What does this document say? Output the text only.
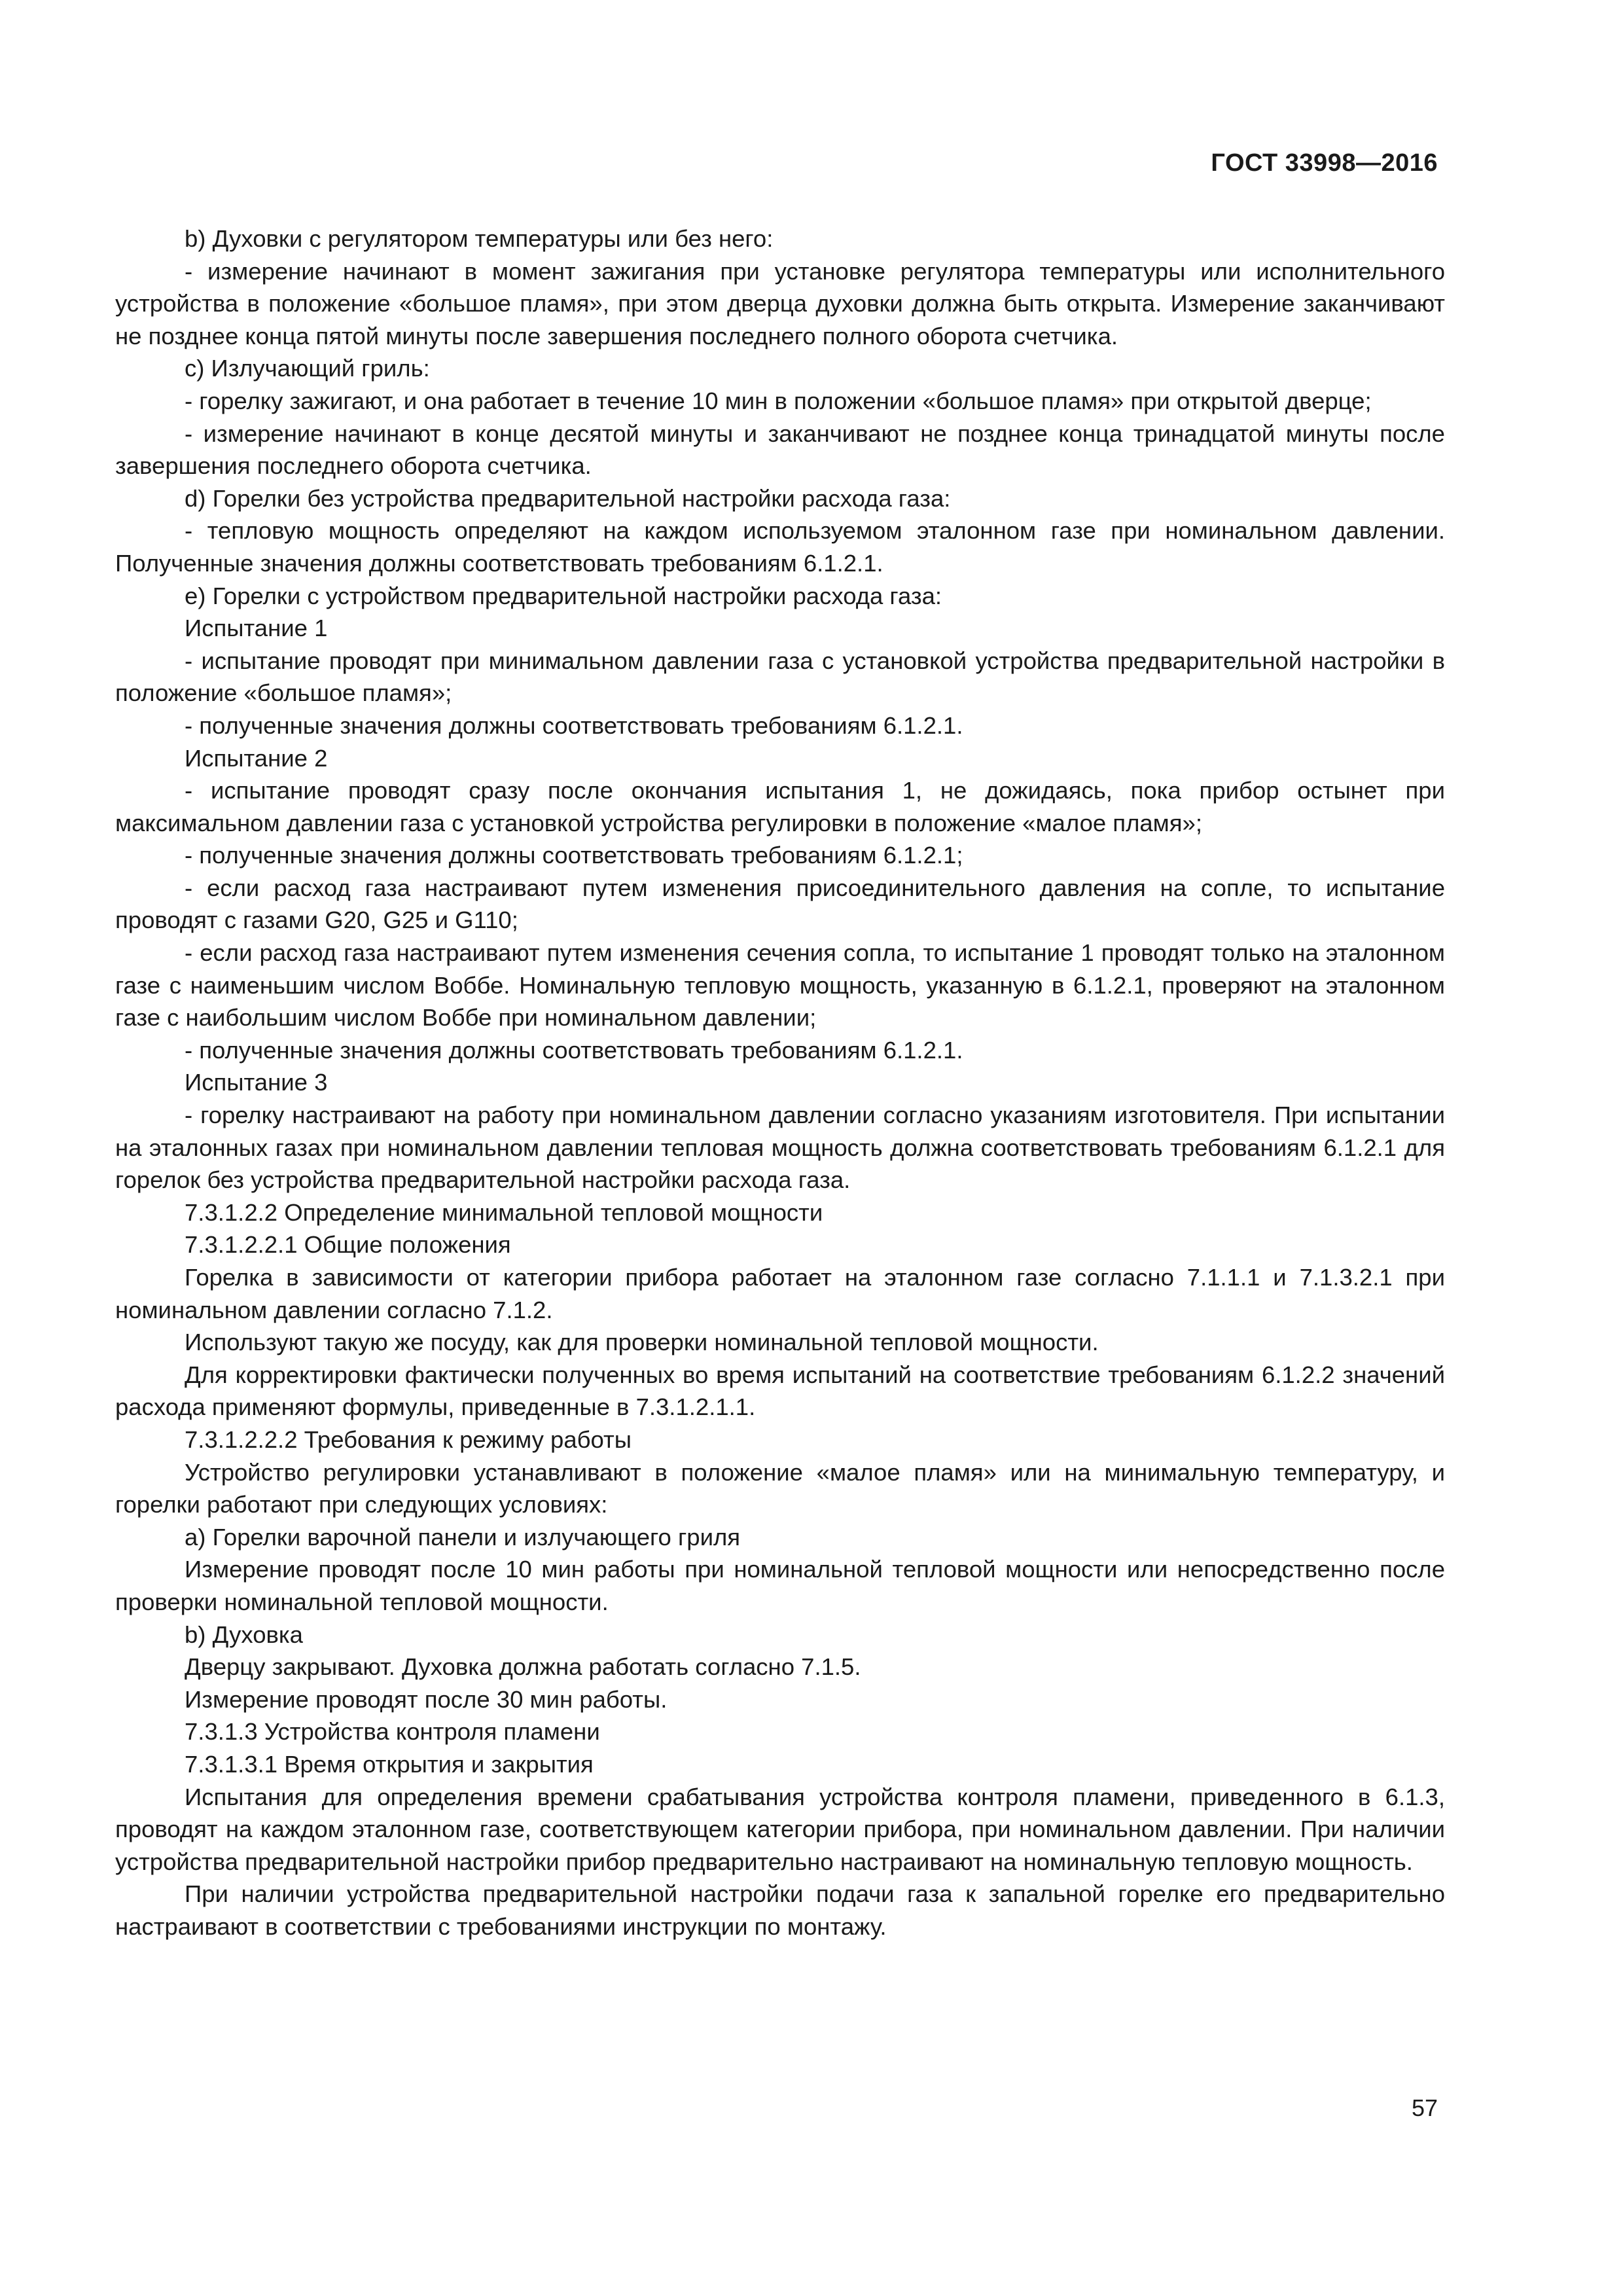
ГОСТ 33998—2016

b) Духовки с регулятором температуры или без него:

- измерение начинают в момент зажигания при установке регулятора температуры или исполнительного устройства в положение «большое пламя», при этом дверца духовки должна быть открыта. Измерение заканчивают не позднее конца пятой минуты после завершения последнего полного оборота счетчика.

с) Излучающий гриль:

- горелку зажигают, и она работает в течение 10 мин в положении «большое пламя» при открытой дверце;

- измерение начинают в конце десятой минуты и заканчивают не позднее конца тринадцатой минуты после завершения последнего оборота счетчика.

d) Горелки без устройства предварительной настройки расхода газа:

- тепловую мощность определяют на каждом используемом эталонном газе при номинальном давлении. Полученные значения должны соответствовать требованиям 6.1.2.1.

е) Горелки с устройством предварительной настройки расхода газа:

Испытание 1

- испытание проводят при минимальном давлении газа с установкой устройства предварительной настройки в положение «большое пламя»;

- полученные значения должны соответствовать требованиям 6.1.2.1.

Испытание 2

- испытание проводят сразу после окончания испытания 1, не дожидаясь, пока прибор остынет при максимальном давлении газа с установкой устройства регулировки в положение «малое пламя»;

- полученные значения должны соответствовать требованиям 6.1.2.1;

- если расход газа настраивают путем изменения присоединительного давления на сопле, то испытание проводят с газами G20, G25 и G110;

- если расход газа настраивают путем изменения сечения сопла, то испытание 1 проводят только на эталонном газе с наименьшим числом Воббе. Номинальную тепловую мощность, указанную в 6.1.2.1, проверяют на эталонном газе с наибольшим числом Воббе при номинальном давлении;

- полученные значения должны соответствовать требованиям 6.1.2.1.

Испытание 3

- горелку настраивают на работу при номинальном давлении согласно указаниям изготовителя. При испытании на эталонных газах при номинальном давлении тепловая мощность должна соответствовать требованиям 6.1.2.1 для горелок без устройства предварительной настройки расхода газа.

7.3.1.2.2 Определение минимальной тепловой мощности

7.3.1.2.2.1 Общие положения

Горелка в зависимости от категории прибора работает на эталонном газе согласно 7.1.1.1 и 7.1.3.2.1 при номинальном давлении согласно 7.1.2.

Используют такую же посуду, как для проверки номинальной тепловой мощности.

Для корректировки фактически полученных во время испытаний на соответствие требованиям 6.1.2.2 значений расхода применяют формулы, приведенные в 7.3.1.2.1.1.

7.3.1.2.2.2 Требования к режиму работы

Устройство регулировки устанавливают в положение «малое пламя» или на минимальную температуру, и горелки работают при следующих условиях:

а) Горелки варочной панели и излучающего гриля

Измерение проводят после 10 мин работы при номинальной тепловой мощности или непосредственно после проверки номинальной тепловой мощности.

b) Духовка

Дверцу закрывают. Духовка должна работать согласно 7.1.5.

Измерение проводят после 30 мин работы.

7.3.1.3 Устройства контроля пламени

7.3.1.3.1 Время открытия и закрытия

Испытания для определения времени срабатывания устройства контроля пламени, приведенного в 6.1.3, проводят на каждом эталонном газе, соответствующем категории прибора, при номинальном давлении. При наличии устройства предварительной настройки прибор предварительно настраивают на номинальную тепловую мощность.

При наличии устройства предварительной настройки подачи газа к запальной горелке его предварительно настраивают в соответствии с требованиями инструкции по монтажу.

57
